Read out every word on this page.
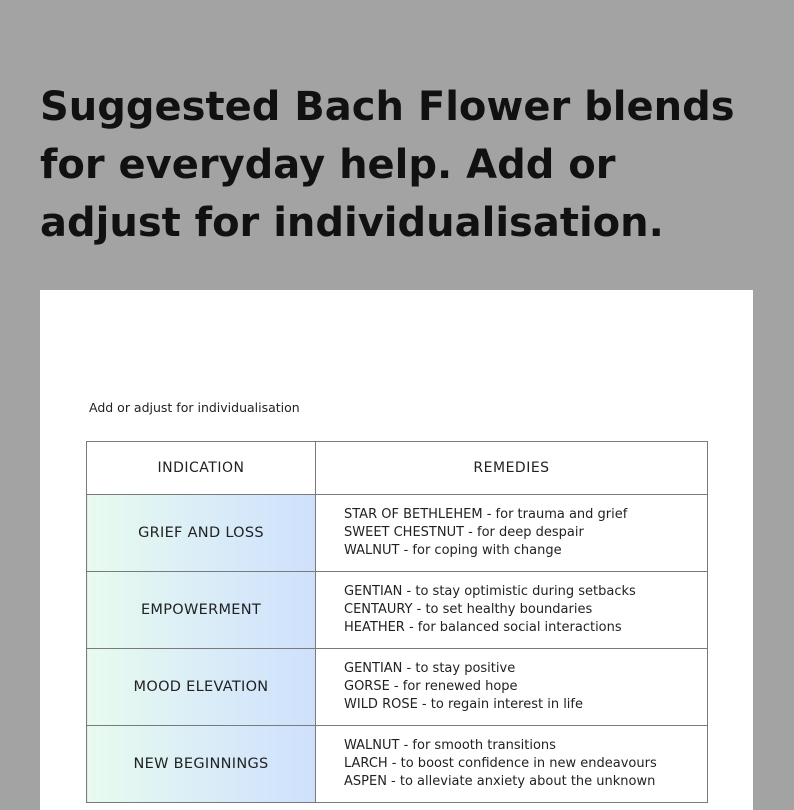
Suggested Bach Flower blends for everyday help. Add or adjust for individualisation.
Add or adjust for individualisation
INDICATION	REMEDIES
GRIEF AND LOSS	STAR OF BETHLEHEM - for trauma and grief
SWEET CHESTNUT - for deep despair
WALNUT - for coping with change

EMPOWERMENT	GENTIAN - to stay optimistic during setbacks
CENTAURY - to set healthy boundaries
HEATHER - for balanced social interactions

MOOD ELEVATION	GENTIAN - to stay positive
GORSE - for renewed hope
WILD ROSE - to regain interest in life

NEW BEGINNINGS	WALNUT - for smooth transitions
LARCH - to boost confidence in new endeavours
ASPEN - to alleviate anxiety about the unknown
